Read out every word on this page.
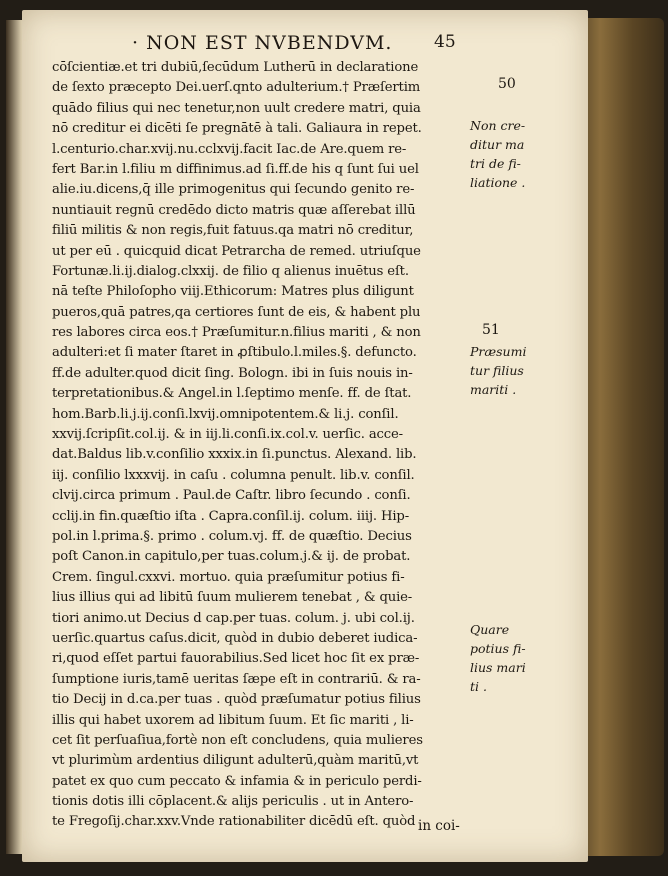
· NON EST NVBENDVM.	45
cōſcientiæ.et tri dubiū,ſecūdum Lutherū in declaratione
de ſexto præcepto Dei.uerſ.qnto adulterium.† Præſertim
quādo filius qui nec tenetur,non uult credere matri, quia
nō creditur ei dicēti ſe pregnātē à tali. Galiaura in repet.
l.centurio.char.xvij.nu.cclxvij.facit Iac.de Are.quem re-
fert Bar.in l.filiu m diffinimus.ad ſi.ff.de his q ſunt ſui uel
alie.iu.dicens,q̄ ille primogenitus qui ſecundo genito re-
nuntiauit regnū credēdo dicto matris quæ aſſerebat illū
filiū militis & non regis,fuit fatuus.qa matri nō creditur,
ut per eū . quicquid dicat Petrarcha de remed. utriuſque
Fortunæ.li.ij.dialog.clxxij. de filio q alienus inuētus eſt.
nā teſte Philoſopho viij.Ethicorum: Matres plus diligunt
pueros,quā patres,qa certiores ſunt de eis, & habent plu
res labores circa eos.† Præſumitur.n.filius mariti , & non
adulteri:et ſi mater ſtaret in ꝓſtibulo.l.miles.§. defuncto.
ff.de adulter.quod dicit ſing. Bologn. ibi in ſuis nouis in-
terpretationibus.& Angel.in l.ſeptimo menſe. ff. de ſtat.
hom.Barb.li.j.ij.conſi.lxvij.omnipotentem.& li.j. conſil.
xxvij.ſcripſit.col.ij. & in iij.li.conſi.ix.col.v. uerſic. acce-
dat.Baldus lib.v.conſilio xxxix.in ſi.punctus. Alexand. lib.
iij. conſilio lxxxvij. in caſu . columna penult. lib.v. conſil.
clvij.circa primum . Paul.de Caſtr. libro ſecundo . conſi.
cclij.in fin.quæſtio iſta . Capra.conſil.ij. colum. iiij. Hip-
pol.in l.prima.§. primo . colum.vj. ff. de quæſtio. Decius
poſt Canon.in capitulo,per tuas.colum.j.& ij. de probat.
Crem. ſingul.cxxvi. mortuo. quia præſumitur potius fi-
lius illius qui ad libitū ſuum mulierem tenebat , & quie-
tiori animo.ut Decius d cap.per tuas. colum. j. ubi col.ij.
uerſic.quartus caſus.dicit, quòd in dubio deberet iudica-
ri,quod eſſet partui fauorabilius.Sed licet hoc ſit ex præ-
ſumptione iuris,tamē ueritas ſæpe eſt in contrariū. & ra-
tio Decij in d.ca.per tuas . quòd præſumatur potius filius
illis qui habet uxorem ad libitum ſuum. Et ſic mariti , li-
cet ſit perſuaſiua,fortè non eſt concludens, quia mulieres
vt plurimùm ardentius diligunt adulterū,quàm maritū,vt
patet ex quo cum peccato & infamia & in periculo perdi-
tionis dotis illi cōplacent.& alijs periculis . ut in Antero-
te Fregoſij.char.xxv.Vnde rationabiliter dicēdū eſt. quòd
50
51
Non cre-
ditur ma
tri de fi-
liatione .
Præsumi
tur filius
mariti .
Quare
potius fi-
lius mari
ti .
in coi-
